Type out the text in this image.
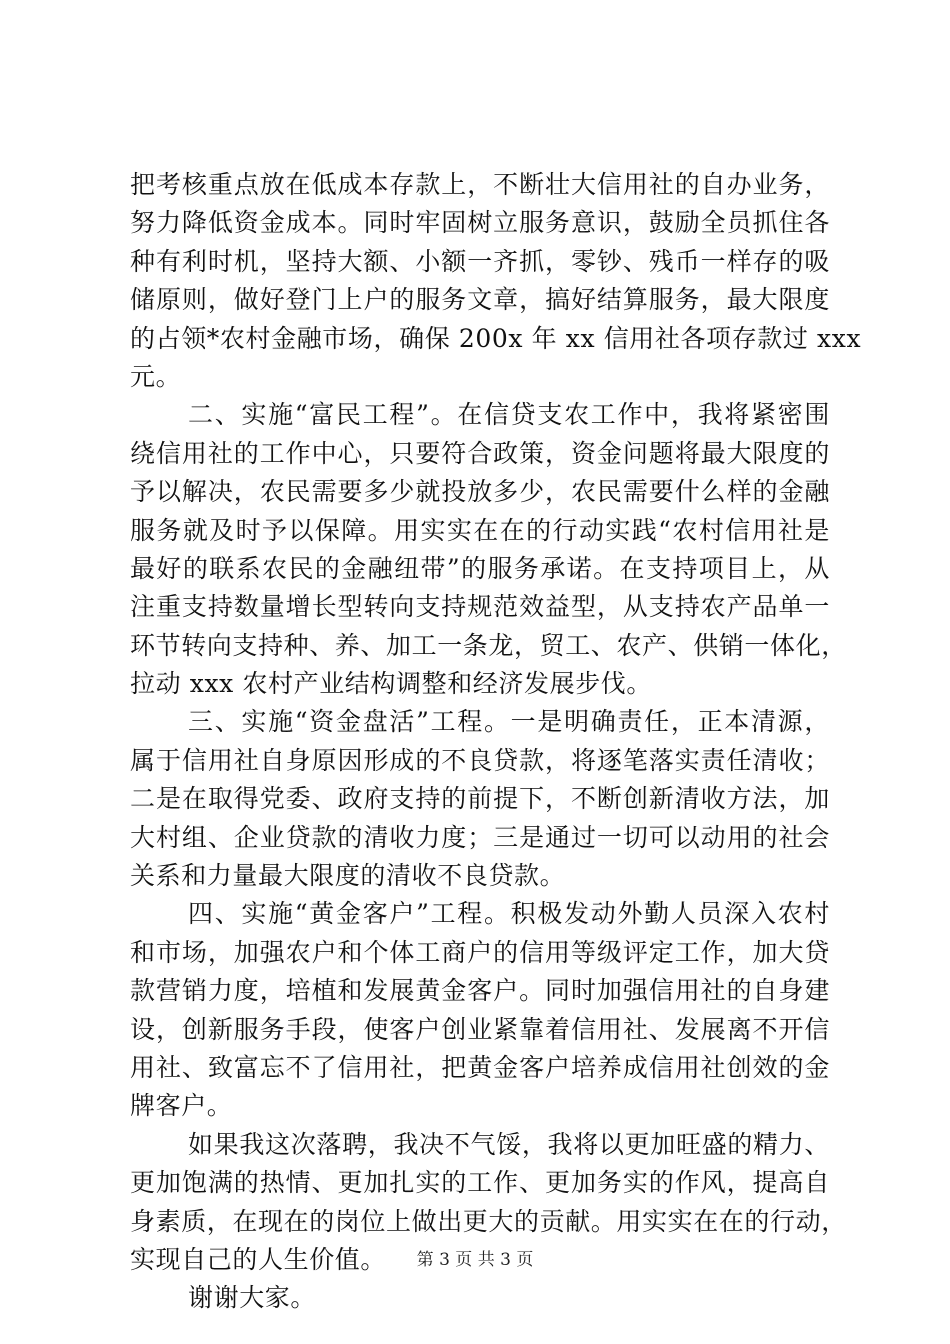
把考核重点放在低成本存款上，不断壮大信用社的自办业务，
努力降低资金成本。同时牢固树立服务意识，鼓励全员抓住各
种有利时机，坚持大额、小额一齐抓，零钞、残币一样存的吸
储原则，做好登门上户的服务文章，搞好结算服务，最大限度
的占领*农村金融市场，确保 200x 年 xx 信用社各项存款过 xxx
元。
二、实施“富民工程”。在信贷支农工作中，我将紧密围
绕信用社的工作中心，只要符合政策，资金问题将最大限度的
予以解决，农民需要多少就投放多少，农民需要什么样的金融
服务就及时予以保障。用实实在在的行动实践“农村信用社是
最好的联系农民的金融纽带”的服务承诺。在支持项目上，从
注重支持数量增长型转向支持规范效益型，从支持农产品单一
环节转向支持种、养、加工一条龙，贸工、农产、供销一体化，
拉动 xxx 农村产业结构调整和经济发展步伐。
三、实施“资金盘活”工程。一是明确责任，正本清源，
属于信用社自身原因形成的不良贷款，将逐笔落实责任清收；
二是在取得党委、政府支持的前提下，不断创新清收方法，加
大村组、企业贷款的清收力度；三是通过一切可以动用的社会
关系和力量最大限度的清收不良贷款。
四、实施“黄金客户”工程。积极发动外勤人员深入农村
和市场，加强农户和个体工商户的信用等级评定工作，加大贷
款营销力度，培植和发展黄金客户。同时加强信用社的自身建
设，创新服务手段，使客户创业紧靠着信用社、发展离不开信
用社、致富忘不了信用社，把黄金客户培养成信用社创效的金
牌客户。
如果我这次落聘，我决不气馁，我将以更加旺盛的精力、
更加饱满的热情、更加扎实的工作、更加务实的作风，提高自
身素质，在现在的岗位上做出更大的贡献。用实实在在的行动，
实现自己的人生价值。
谢谢大家。
第 3 页 共 3 页
